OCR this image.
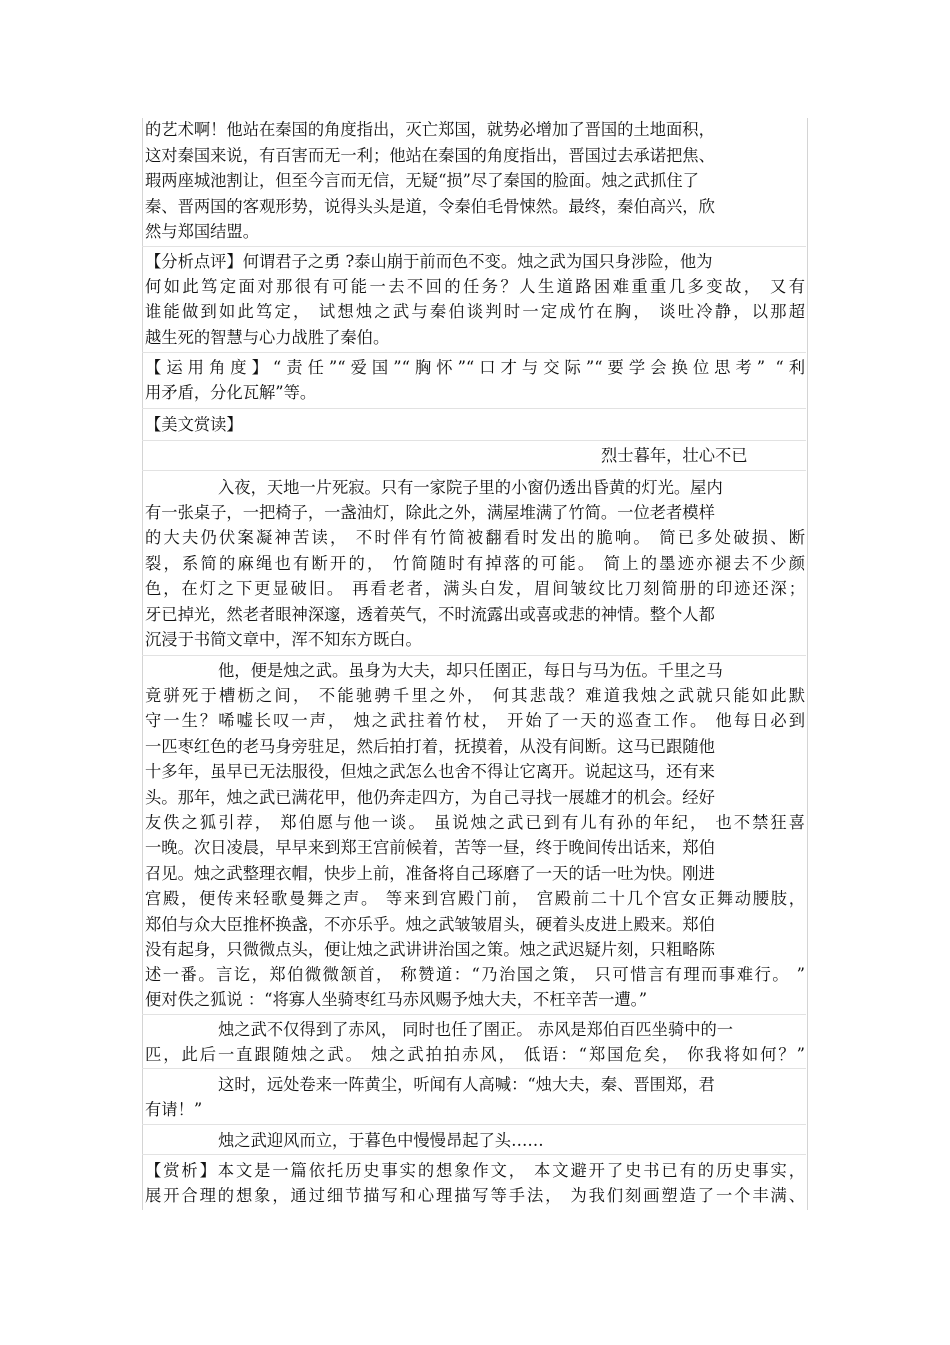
的艺术啊！他站在秦国的角度指出，灭亡郑国，就势必增加了晋国的土地面积，
这对秦国来说，有百害而无一利；他站在秦国的角度指出，晋国过去承诺把焦、
瑕两座城池割让，但至今言而无信，无疑“损”尽了秦国的脸面。烛之武抓住了
秦、晋两国的客观形势，说得头头是道，令秦伯毛骨悚然。最终，秦伯高兴，欣
然与郑国结盟。
【分析点评】何谓君子之勇 ?泰山崩于前而色不变。烛之武为国只身涉险，他为
何如此笃定面对那很有可能一去不回的任务？人生道路困难重重几多变故， 又有
谁能做到如此笃定， 试想烛之武与秦伯谈判时一定成竹在胸， 谈吐冷静，以那超
越生死的智慧与心力战胜了秦伯。
【运用角度】“责任”“爱国”“胸怀”“口才与交际”“要学会换位思考” “利
用矛盾，分化瓦解”等。
【美文赏读】
烈士暮年，壮心不已
入夜，天地一片死寂。只有一家院子里的小窗仍透出昏黄的灯光。屋内
有一张桌子，一把椅子，一盏油灯，除此之外，满屋堆满了竹简。一位老者模样
的大夫仍伏案凝神苦读， 不时伴有竹简被翻看时发出的脆响。 简已多处破损、断
裂，系简的麻绳也有断开的， 竹简随时有掉落的可能。 简上的墨迹亦褪去不少颜
色，在灯之下更显破旧。 再看老者，满头白发，眉间皱纹比刀刻简册的印迹还深；
牙已掉光，然老者眼神深邃，透着英气，不时流露出或喜或悲的神情。整个人都
沉浸于书简文章中，浑不知东方既白。
他，便是烛之武。虽身为大夫，却只任圉正，每日与马为伍。千里之马
竟骈死于槽枥之间， 不能驰骋千里之外， 何其悲哉？难道我烛之武就只能如此默
守一生？唏嘘长叹一声， 烛之武拄着竹杖， 开始了一天的巡查工作。 他每日必到
一匹枣红色的老马身旁驻足，然后拍打着，抚摸着，从没有间断。这马已跟随他
十多年，虽早已无法服役，但烛之武怎么也舍不得让它离开。说起这马，还有来
头。那年，烛之武已满花甲，他仍奔走四方，为自己寻找一展雄才的机会。经好
友佚之狐引荐， 郑伯愿与他一谈。 虽说烛之武已到有儿有孙的年纪， 也不禁狂喜
一晚。次日凌晨，早早来到郑王宫前候着，苦等一昼，终于晚间传出话来，郑伯
召见。烛之武整理衣帽，快步上前，准备将自己琢磨了一天的话一吐为快。刚进
宫殿，便传来轻歌曼舞之声。 等来到宫殿门前， 宫殿前二十几个宫女正舞动腰肢，
郑伯与众大臣推杯换盏，不亦乐乎。烛之武皱皱眉头，硬着头皮进上殿来。郑伯
没有起身，只微微点头，便让烛之武讲讲治国之策。烛之武迟疑片刻，只粗略陈
述一番。言讫，郑伯微微颔首， 称赞道：“乃治国之策， 只可惜言有理而事难行。 ”
便对佚之狐说 ：“将寡人坐骑枣红马赤风赐予烛大夫，不枉辛苦一遭。”
烛之武不仅得到了赤风， 同时也任了圉正。 赤风是郑伯百匹坐骑中的一
匹，此后一直跟随烛之武。 烛之武拍拍赤风， 低语：“郑国危矣， 你我将如何？”
这时，远处卷来一阵黄尘，听闻有人高喊：“烛大夫，秦、晋围郑，君
有请！”
烛之武迎风而立，于暮色中慢慢昂起了头……
【赏析】本文是一篇依托历史事实的想象作文， 本文避开了史书已有的历史事实，
展开合理的想象，通过细节描写和心理描写等手法， 为我们刻画塑造了一个丰满、
